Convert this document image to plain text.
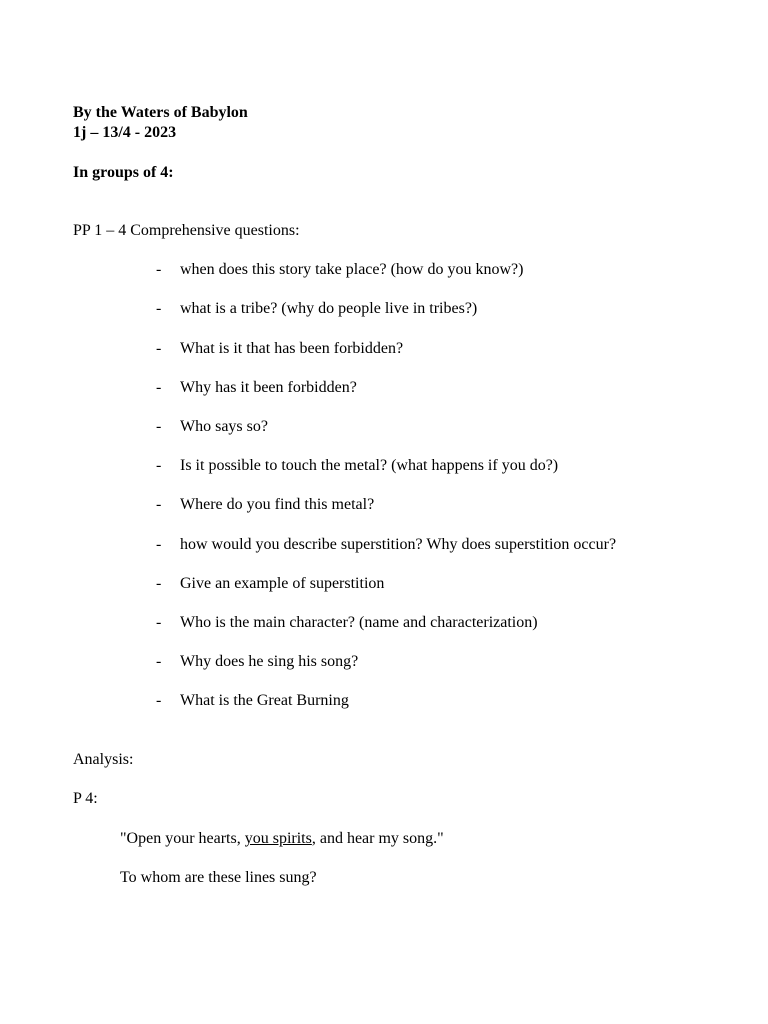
By the Waters of Babylon
1j – 13/4 - 2023
In groups of 4:
PP 1 – 4 Comprehensive questions:
- when does this story take place? (how do you know?)
- what is a tribe? (why do people live in tribes?)
- What is it that has been forbidden?
- Why has it been forbidden?
- Who says so?
- Is it possible to touch the metal? (what happens if you do?)
- Where do you find this metal?
- how would you describe superstition? Why does superstition occur?
- Give an example of superstition
- Who is the main character? (name and characterization)
- Why does he sing his song?
- What is the Great Burning
Analysis:
P 4:
"Open your hearts, you spirits, and hear my song."
To whom are these lines sung?
